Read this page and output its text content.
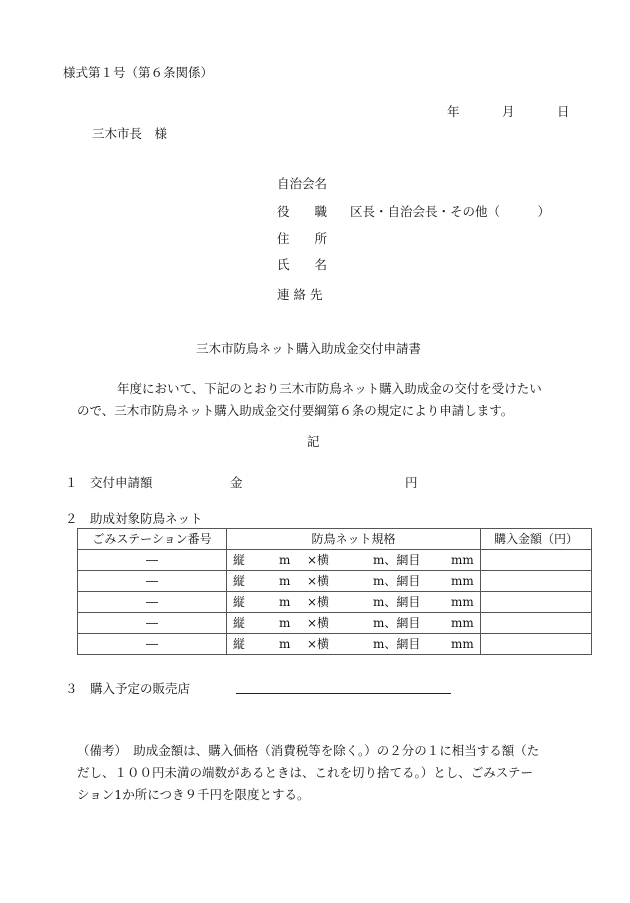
様式第１号（第６条関係）
年	月	日
三木市長　様
自治会名
役　　職 区長・自治会長・その他（　　　）
住　　所
氏　　名
連 絡 先
三木市防鳥ネット購入助成金交付申請書
年度において、下記のとおり三木市防鳥ネット購入助成金の交付を受けたい
ので、三木市防鳥ネット購入助成金交付要綱第６条の規定により申請します。
記
１　交付申請額	金	円
２　助成対象防鳥ネット
ごみステーション番号	防鳥ネット規格	購入金額（円）
―	縦 m ×横 m、網目 mm	

―	縦 m ×横 m、網目 mm	

―	縦 m ×横 m、網目 mm	

―	縦 m ×横 m、網目 mm	

―	縦 m ×横 m、網目 mm	

３　購入予定の販売店
（備考）　助成金額は、購入価格（消費税等を除く。）の２分の１に相当する額（た
だし、１００円未満の端数があるときは、これを切り捨てる。）とし、ごみステー
ション1か所につき９千円を限度とする。
